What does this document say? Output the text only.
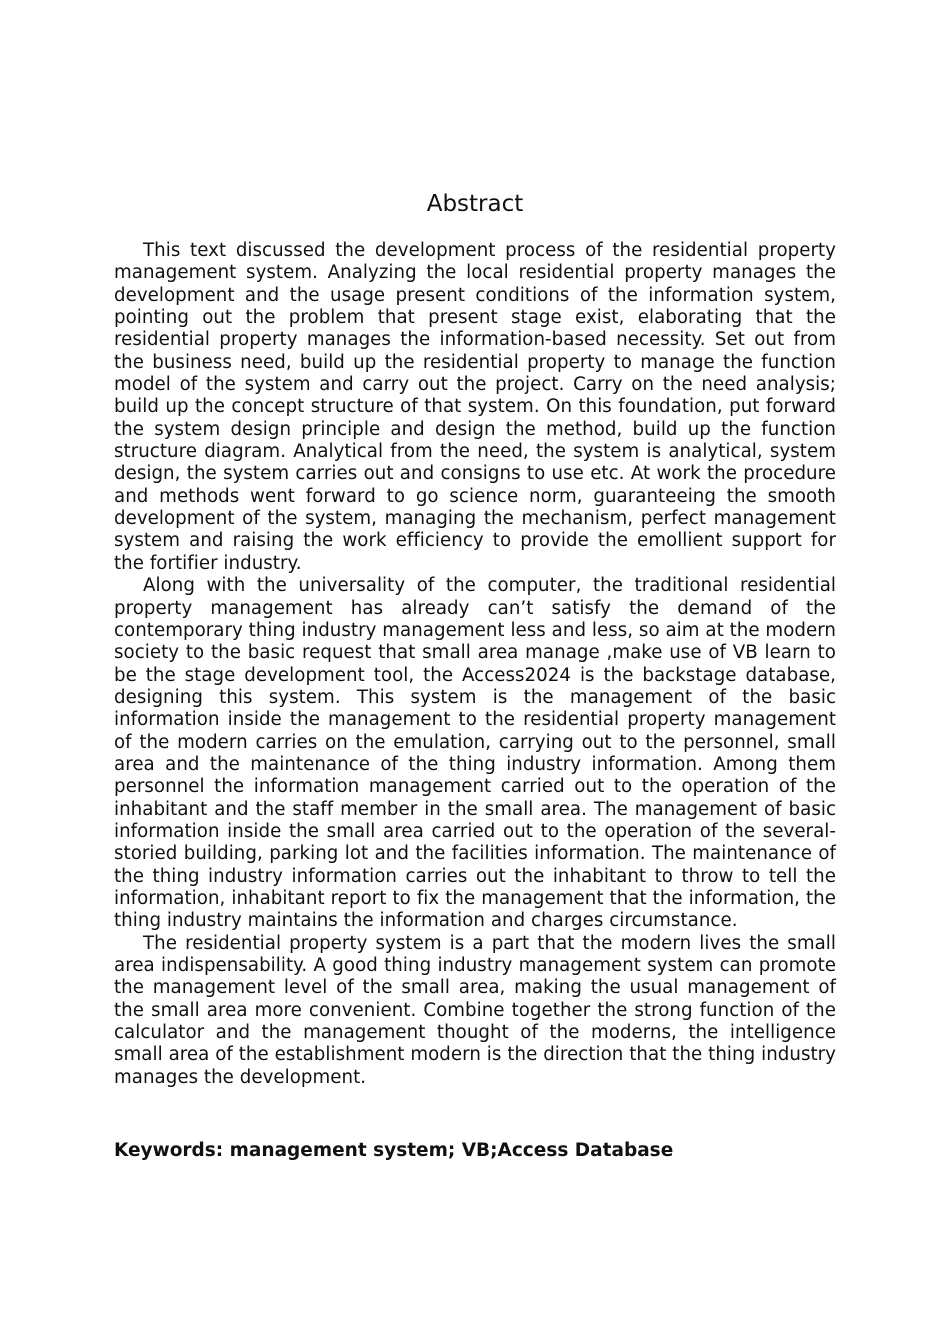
Abstract

This text discussed the development process of the residential property management system. Analyzing the local residential property manages the development and the usage present conditions of the information system, pointing out the problem that present stage exist, elaborating that the residential property manages the information-based necessity. Set out from the business need, build up the residential property to manage the function model of the system and carry out the project. Carry on the need analysis; build up the concept structure of that system. On this foundation, put forward the system design principle and design the method, build up the function structure diagram. Analytical from the need, the system is analytical, system design, the system carries out and consigns to use etc. At work the procedure and methods went forward to go science norm, guaranteeing the smooth development of the system, managing the mechanism, perfect management system and raising the work efficiency to provide the emollient support for the fortifier industry.

Along with the universality of the computer, the traditional residential property management has already can’t satisfy the demand of the contemporary thing industry management less and less, so aim at the modern society to the basic request that small area manage ,make use of VB learn to be the stage development tool, the Access2024 is the backstage database, designing this system. This system is the management of the basic information inside the management to the residential property management of the modern carries on the emulation, carrying out to the personnel, small area and the maintenance of the thing industry information. Among them personnel the information management carried out to the operation of the inhabitant and the staff member in the small area. The management of basic information inside the small area carried out to the operation of the several-storied building, parking lot and the facilities information. The maintenance of the thing industry information carries out the inhabitant to throw to tell the information, inhabitant report to fix the management that the information, the thing industry maintains the information and charges circumstance.

The residential property system is a part that the modern lives the small area indispensability. A good thing industry management system can promote the management level of the small area, making the usual management of the small area more convenient. Combine together the strong function of the calculator and the management thought of the moderns, the intelligence small area of the establishment modern is the direction that the thing industry manages the development.

Keywords: management system; VB;Access Database
